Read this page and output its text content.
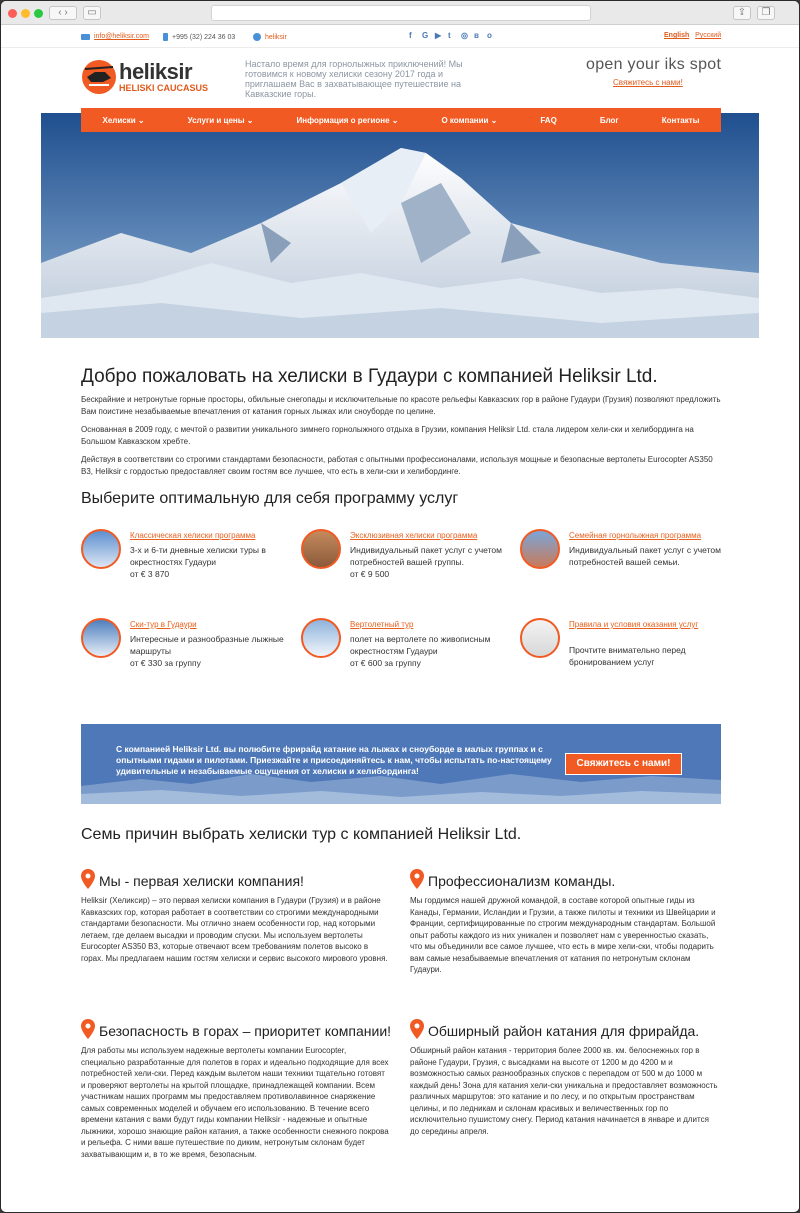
‹ ›	▭	⇪	❐
info@heliksir.com	+995 (32) 224 36 03	heliksir	f	G ▶ t	◎ в	о	English Русский
heliksir
HELISKI CAUCASUS
Настало время для горнолыжных приключений! Мы готовимся к новому хелиски сезону 2017 года и приглашаем Вас в захватывающее путешествие на Кавказские горы.
open your iks spot
Свяжитесь с нами!
Хелиски ⌄	Услуги и цены ⌄	Информация о регионе ⌄	О компании ⌄	FAQ	Блог	Контакты
Добро пожаловать на хелиски в Гудаури с компанией Heliksir Ltd.
Бескрайние и нетронутые горные просторы, обильные снегопады и исключительные по красоте рельефы Кавказских гор в районе Гудаури (Грузия) позволяют предложить Вам поистине незабываемые впечатления от катания горных лыжах или сноуборде по целине.
Основанная в 2009 году, с мечтой о развитии уникального зимнего горнолыжного отдыха в Грузии, компания Heliksir Ltd. стала лидером хели-ски и хелибординга на Большом Кавказском хребте.
Действуя в соответствии со строгими стандартами безопасности, работая с опытными профессионалами, используя мощные и безопасные вертолеты Eurocopter AS350 B3, Heliksir с гордостью предоставляет своим гостям все лучшее, что есть в хели-ски и хелибординге.
Выберите оптимальную для себя программу услуг
Классическая хелиски программа
3-х и 6-ти дневные хелиски туры в окрестностях Гудаури
от € 3 870
Эксклюзивная хелиски программа
Индивидуальный пакет услуг с учетом потребностей вашей группы.
от € 9 500
Семейная горнолыжная программа
Индивидуальный пакет услуг с учетом потребностей вашей семьи.
Ски-тур в Гудаури
Интересные и разнообразные лыжные маршруты
от € 330 за группу
Вертолетный тур
полет на вертолете по живописным окрестностям Гудаури
от € 600 за группу
Правила и условия оказания услуг
Прочтите внимательно перед бронированием услуг
С компанией Heliksir Ltd. вы полюбите фрирайд катание на лыжах и сноуборде в малых группах и с опытными гидами и пилотами. Приезжайте и присоединяйтесь к нам, чтобы испытать по-настоящему удивительные и незабываемые ощущения от хелиски и хелибординга!
Свяжитесь с нами!
Семь причин выбрать хелиски тур с компанией Heliksir Ltd.
Мы - первая хелиски компания!
Heliksir (Хеликсир) – это первая хелиски компания в Гудаури (Грузия) и в районе Кавказских гор, которая работает в соответствии со строгими международными стандартами безопасности. Мы отлично знаем особенности гор, над которыми летаем, где делаем высадки и проводим спуски. Мы используем вертолеты Eurocopter AS350 B3, которые отвечают всем требованиям полетов высоко в горах. Мы предлагаем нашим гостям хелиски и сервис высокого мирового уровня.
Профессионализм команды.
Мы гордимся нашей дружной командой, в составе которой опытные гиды из Канады, Германии, Исландии и Грузии, а также пилоты и техники из Швейцарии и Франции, сертифицированные по строгим международным стандартам. Большой опыт работы каждого из них уникален и позволяет нам с уверенностью сказать, что мы объединили все самое лучшее, что есть в мире хели-ски, чтобы подарить вам самые незабываемые впечатления от катания по нетронутым склонам Гудаури.
Безопасность в горах – приоритет компании!
Для работы мы используем надежные вертолеты компании Eurocopter, специально разработанные для полетов в горах и идеально подходящие для всех потребностей хели-ски. Перед каждым вылетом наши техники тщательно готовят и проверяют вертолеты на крытой площадке, принадлежащей компании. Всем участникам наших программ мы предоставляем противолавинное снаряжение самых современных моделей и обучаем его использованию. В течение всего времени катания с вами будут гиды компании Heliksir - надежные и опытные лыжники, хорошо знающие район катания, а также особенности снежного покрова и рельефа. С ними ваше путешествие по диким, нетронутым склонам будет захватывающим и, в то же время, безопасным.
Обширный район катания для фрирайда.
Обширный район катания - территория более 2000 кв. км. белоснежных гор в районе Гудаури, Грузия, с высадками на высоте от 1200 м до 4200 м и возможностью самых разнообразных спусков с перепадом от 500 м до 1000 м каждый день! Зона для катания хели-ски уникальна и предоставляет возможность различных маршрутов: это катание и по лесу, и по открытым пространствам целины, и по ледникам и склонам красивых и величественных гор по исключительно пушистому снегу. Период катания начинается в январе и длится до середины апреля.
